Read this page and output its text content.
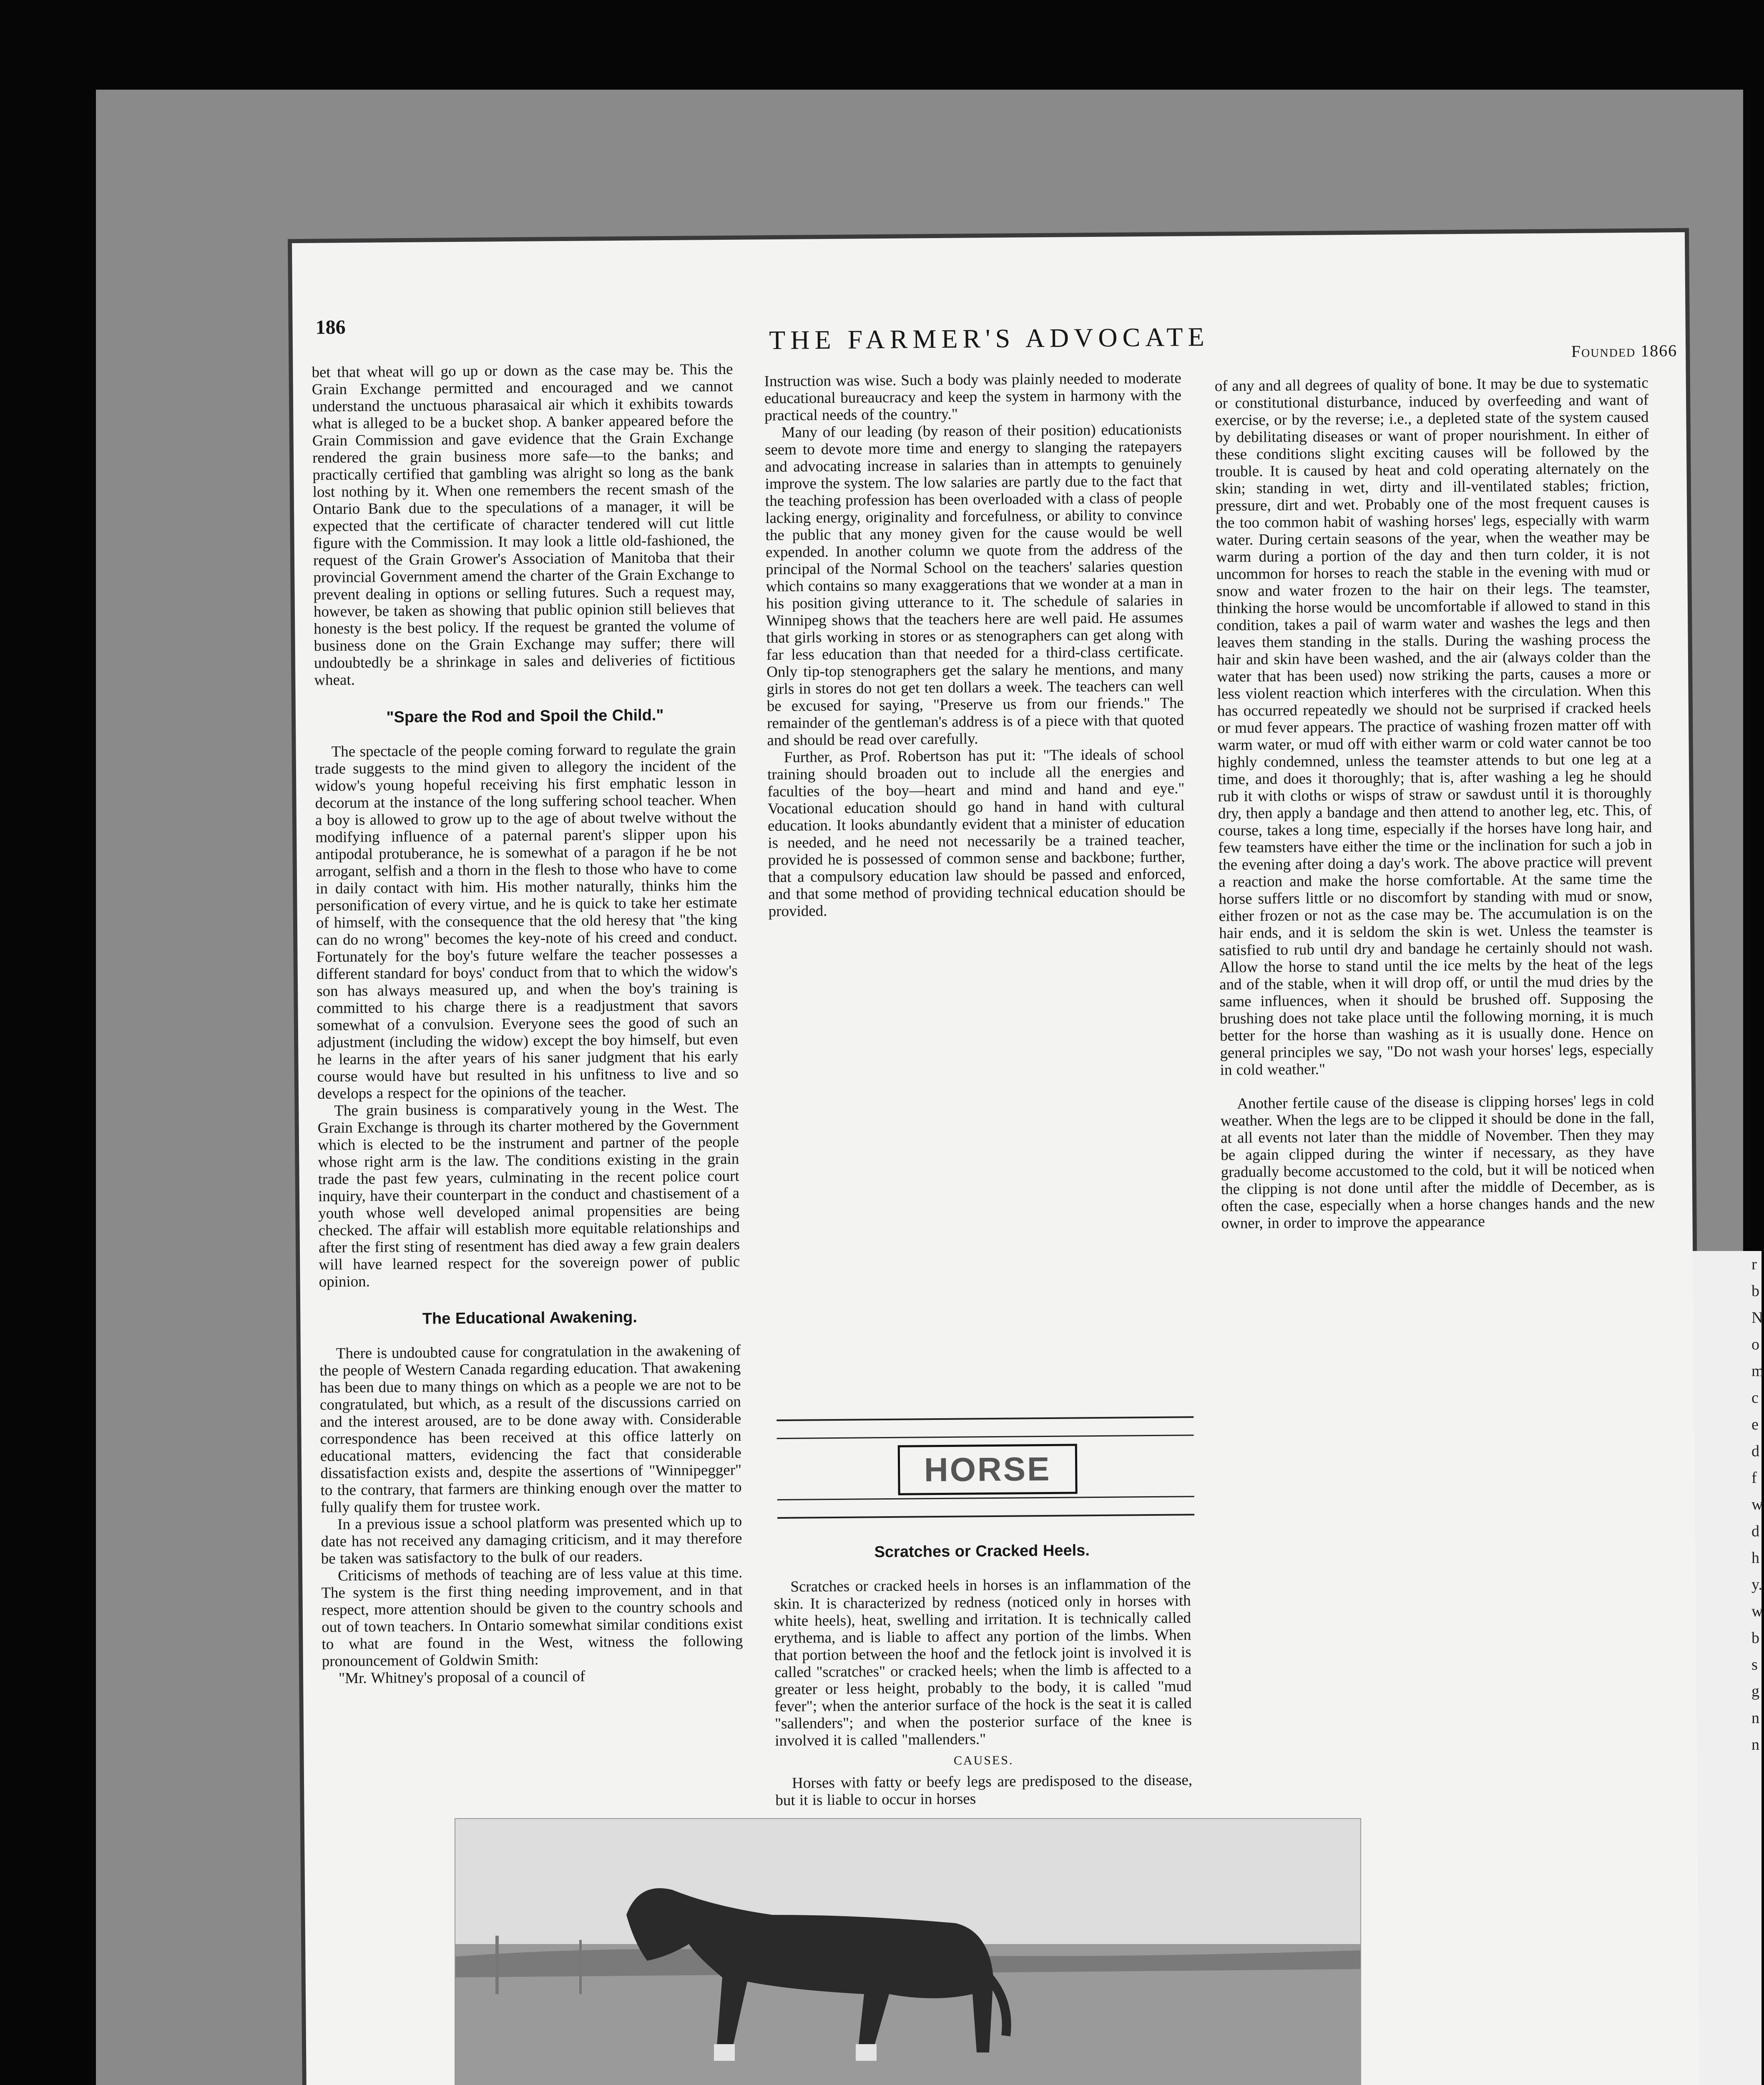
rbNomcedfwdhy.wbsgnn
186	THE FARMER'S ADVOCATE	Founded 1866

bet that wheat will go up or down as the case may be. This the Grain Exchange permitted and encouraged and we cannot understand the unctuous pharasaical air which it exhibits towards what is alleged to be a bucket shop. A banker appeared before the Grain Commission and gave evidence that the Grain Exchange rendered the grain business more safe—to the banks; and practically certified that gambling was alright so long as the bank lost nothing by it. When one remembers the recent smash of the Ontario Bank due to the speculations of a manager, it will be expected that the certificate of character tendered will cut little figure with the Commission. It may look a little old-fashioned, the request of the Grain Grower's Association of Manitoba that their provincial Government amend the charter of the Grain Exchange to prevent dealing in options or selling futures. Such a request may, however, be taken as showing that public opinion still believes that honesty is the best policy. If the request be granted the volume of business done on the Grain Exchange may suffer; there will undoubtedly be a shrinkage in sales and deliveries of fictitious wheat.

"Spare the Rod and Spoil the Child."

The spectacle of the people coming forward to regulate the grain trade suggests to the mind given to allegory the incident of the widow's young hopeful receiving his first emphatic lesson in decorum at the instance of the long suffering school teacher. When a boy is allowed to grow up to the age of about twelve without the modifying influence of a paternal parent's slipper upon his antipodal protuberance, he is somewhat of a paragon if he be not arrogant, selfish and a thorn in the flesh to those who have to come in daily contact with him. His mother naturally, thinks him the personification of every virtue, and he is quick to take her estimate of himself, with the consequence that the old heresy that "the king can do no wrong" becomes the key-note of his creed and conduct. Fortunately for the boy's future welfare the teacher possesses a different standard for boys' conduct from that to which the widow's son has always measured up, and when the boy's training is committed to his charge there is a readjustment that savors somewhat of a convulsion. Everyone sees the good of such an adjustment (including the widow) except the boy himself, but even he learns in the after years of his saner judgment that his early course would have but resulted in his unfitness to live and so develops a respect for the opinions of the teacher.

The grain business is comparatively young in the West. The Grain Exchange is through its charter mothered by the Government which is elected to be the instrument and partner of the people whose right arm is the law. The conditions existing in the grain trade the past few years, culminating in the recent police court inquiry, have their counterpart in the conduct and chastisement of a youth whose well developed animal propensities are being checked. The affair will establish more equitable relationships and after the first sting of resentment has died away a few grain dealers will have learned respect for the sovereign power of public opinion.

The Educational Awakening.

There is undoubted cause for congratulation in the awakening of the people of Western Canada regarding education. That awakening has been due to many things on which as a people we are not to be congratulated, but which, as a result of the discussions carried on and the interest aroused, are to be done away with. Considerable correspondence has been received at this office latterly on educational matters, evidencing the fact that considerable dissatisfaction exists and, despite the assertions of "Winnipegger" to the contrary, that farmers are thinking enough over the matter to fully qualify them for trustee work.

In a previous issue a school platform was presented which up to date has not received any damaging criticism, and it may therefore be taken was satisfactory to the bulk of our readers.

Criticisms of methods of teaching are of less value at this time. The system is the first thing needing improvement, and in that respect, more attention should be given to the country schools and out of town teachers. In Ontario somewhat similar conditions exist to what are found in the West, witness the following pronouncement of Goldwin Smith:

"Mr. Whitney's proposal of a council of

Instruction was wise. Such a body was plainly needed to moderate educational bureaucracy and keep the system in harmony with the practical needs of the country."

Many of our leading (by reason of their position) educationists seem to devote more time and energy to slanging the ratepayers and advocating increase in salaries than in attempts to genuinely improve the system. The low salaries are partly due to the fact that the teaching profession has been overloaded with a class of people lacking energy, originality and forcefulness, or ability to convince the public that any money given for the cause would be well expended. In another column we quote from the address of the principal of the Normal School on the teachers' salaries question which contains so many exaggerations that we wonder at a man in his position giving utterance to it. The schedule of salaries in Winnipeg shows that the teachers here are well paid. He assumes that girls working in stores or as stenographers can get along with far less education than that needed for a third-class certificate. Only tip-top stenographers get the salary he mentions, and many girls in stores do not get ten dollars a week. The teachers can well be excused for saying, "Preserve us from our friends." The remainder of the gentleman's address is of a piece with that quoted and should be read over carefully.

Further, as Prof. Robertson has put it: "The ideals of school training should broaden out to include all the energies and faculties of the boy—heart and mind and hand and eye." Vocational education should go hand in hand with cultural education. It looks abundantly evident that a minister of education is needed, and he need not necessarily be a trained teacher, provided he is possessed of common sense and backbone; further, that a compulsory education law should be passed and enforced, and that some method of providing technical education should be provided.

HORSE
Scratches or Cracked Heels.

Scratches or cracked heels in horses is an inflammation of the skin. It is characterized by redness (noticed only in horses with white heels), heat, swelling and irritation. It is technically called erythema, and is liable to affect any portion of the limbs. When that portion between the hoof and the fetlock joint is involved it is called "scratches" or cracked heels; when the limb is affected to a greater or less height, probably to the body, it is called "mud fever"; when the anterior surface of the hock is the seat it is called "sallenders"; and when the posterior surface of the knee is involved it is called "mallenders."

CAUSES.

Horses with fatty or beefy legs are predisposed to the disease, but it is liable to occur in horses

of any and all degrees of quality of bone. It may be due to systematic or constitutional disturbance, induced by overfeeding and want of exercise, or by the reverse; i.e., a depleted state of the system caused by debilitating diseases or want of proper nourishment. In either of these conditions slight exciting causes will be followed by the trouble. It is caused by heat and cold operating alternately on the skin; standing in wet, dirty and ill-ventilated stables; friction, pressure, dirt and wet. Probably one of the most frequent causes is the too common habit of washing horses' legs, especially with warm water. During certain seasons of the year, when the weather may be warm during a portion of the day and then turn colder, it is not uncommon for horses to reach the stable in the evening with mud or snow and water frozen to the hair on their legs. The teamster, thinking the horse would be uncomfortable if allowed to stand in this condition, takes a pail of warm water and washes the legs and then leaves them standing in the stalls. During the washing process the hair and skin have been washed, and the air (always colder than the water that has been used) now striking the parts, causes a more or less violent reaction which interferes with the circulation. When this has occurred repeatedly we should not be surprised if cracked heels or mud fever appears. The practice of washing frozen matter off with warm water, or mud off with either warm or cold water cannot be too highly condemned, unless the teamster attends to but one leg at a time, and does it thoroughly; that is, after washing a leg he should rub it with cloths or wisps of straw or sawdust until it is thoroughly dry, then apply a bandage and then attend to another leg, etc. This, of course, takes a long time, especially if the horses have long hair, and few teamsters have either the time or the inclination for such a job in the evening after doing a day's work. The above practice will prevent a reaction and make the horse comfortable. At the same time the horse suffers little or no discomfort by standing with mud or snow, either frozen or not as the case may be. The accumulation is on the hair ends, and it is seldom the skin is wet. Unless the teamster is satisfied to rub until dry and bandage he certainly should not wash. Allow the horse to stand until the ice melts by the heat of the legs and of the stable, when it will drop off, or until the mud dries by the same influences, when it should be brushed off. Supposing the brushing does not take place until the following morning, it is much better for the horse than washing as it is usually done. Hence on general principles we say, "Do not wash your horses' legs, especially in cold weather."

Another fertile cause of the disease is clipping horses' legs in cold weather. When the legs are to be clipped it should be done in the fall, at all events not later than the middle of November. Then they may be again clipped during the winter if necessary, as they have gradually become accustomed to the cold, but it will be noticed when the clipping is not done until after the middle of December, as is often the case, especially when a horse changes hands and the new owner, in order to improve the appearance
